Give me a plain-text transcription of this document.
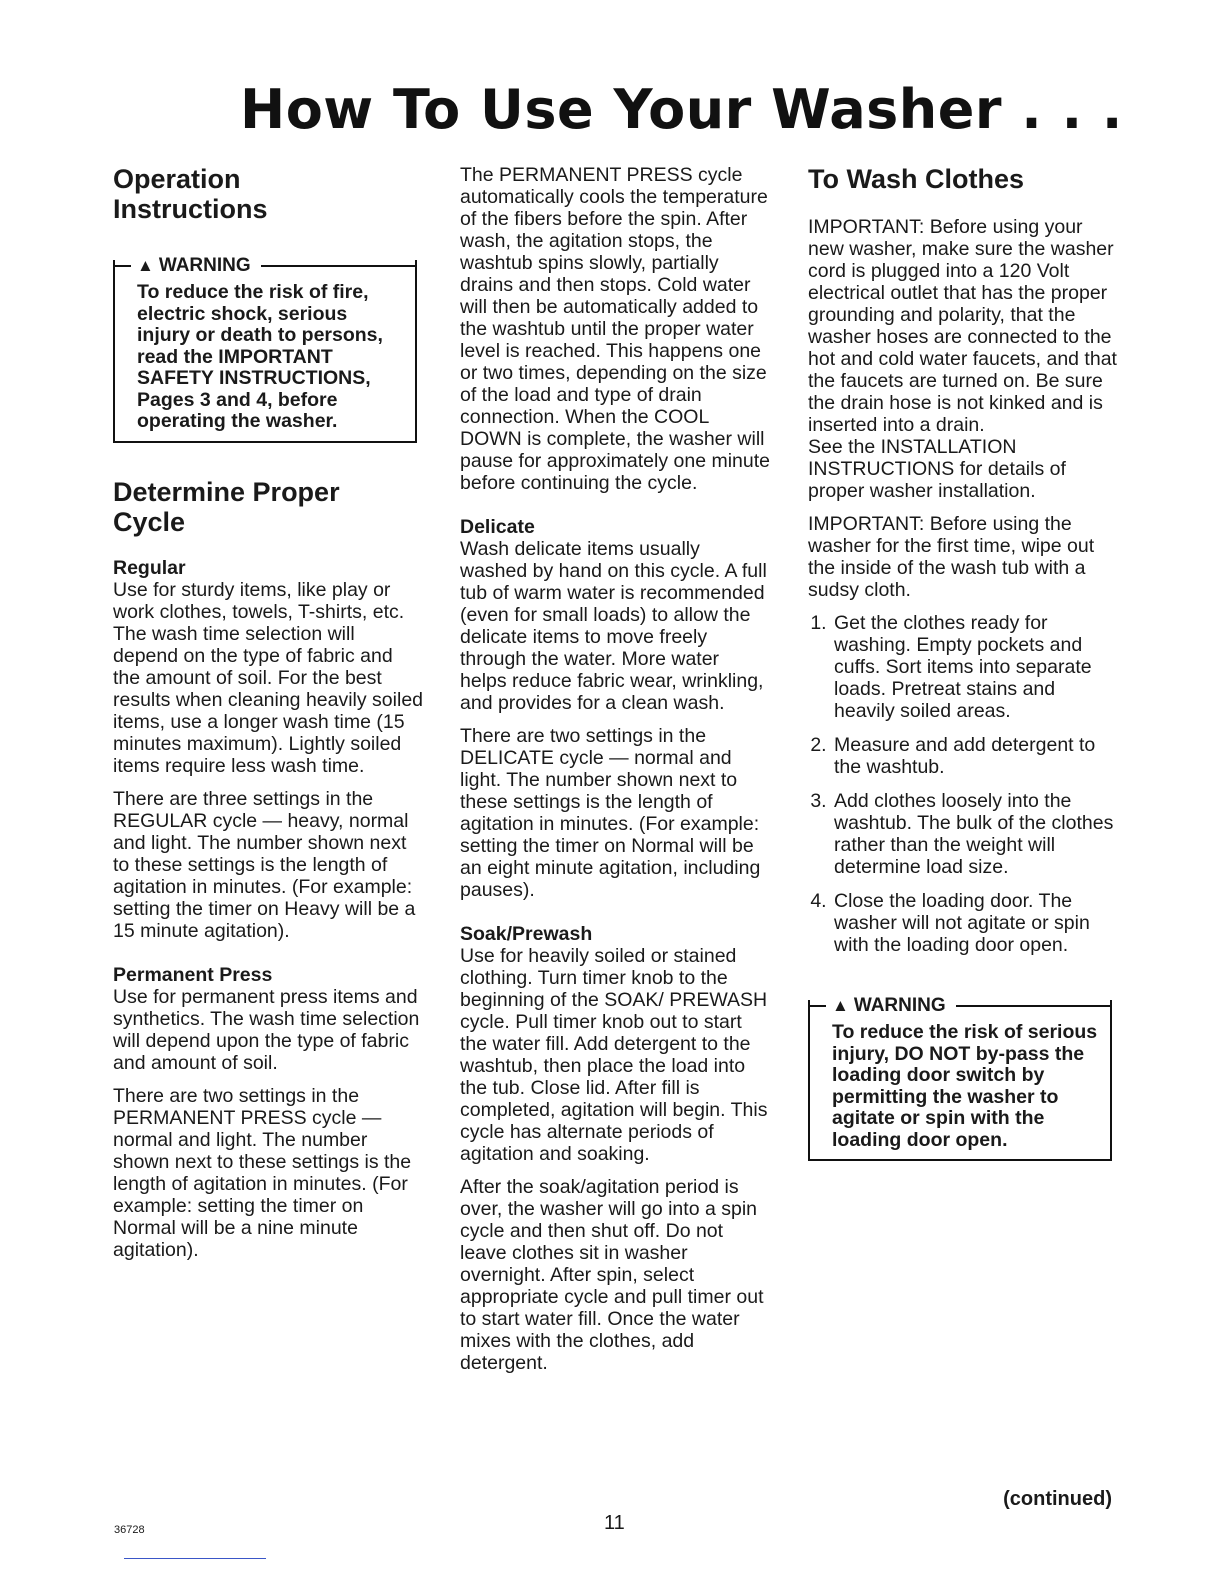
How To Use Your Washer . . .
Operation Instructions
▲ WARNING
To reduce the risk of fire, electric shock, serious injury or death to persons, read the IMPORTANT SAFETY INSTRUCTIONS, Pages 3 and 4, before operating the washer.
Determine Proper Cycle
Regular

Use for sturdy items, like play or work clothes, towels, T-shirts, etc. The wash time selection will depend on the type of fabric and the amount of soil. For the best results when cleaning heavily soiled items, use a longer wash time (15 minutes maximum). Lightly soiled items require less wash time.

There are three settings in the REGULAR cycle — heavy, normal and light. The number shown next to these settings is the length of agitation in minutes. (For example: setting the timer on Heavy will be a 15 minute agitation).

Permanent Press

Use for permanent press items and synthetics. The wash time selection will depend upon the type of fabric and amount of soil.

There are two settings in the PERMANENT PRESS cycle — normal and light. The number shown next to these settings is the length of agitation in minutes. (For example: setting the timer on Normal will be a nine minute agitation).

The PERMANENT PRESS cycle automatically cools the temperature of the fibers before the spin. After wash, the agitation stops, the washtub spins slowly, partially drains and then stops. Cold water will then be automatically added to the washtub until the proper water level is reached. This happens one or two times, depending on the size of the load and type of drain connection. When the COOL DOWN is complete, the washer will pause for approximately one minute before continuing the cycle.

Delicate

Wash delicate items usually washed by hand on this cycle. A full tub of warm water is recommended (even for small loads) to allow the delicate items to move freely through the water. More water helps reduce fabric wear, wrinkling, and provides for a clean wash.

There are two settings in the DELICATE cycle — normal and light. The number shown next to these settings is the length of agitation in minutes. (For example: setting the timer on Normal will be an eight minute agitation, including pauses).

Soak/Prewash

Use for heavily soiled or stained clothing. Turn timer knob to the beginning of the SOAK/ PREWASH cycle. Pull timer knob out to start the water fill. Add detergent to the washtub, then place the load into the tub. Close lid. After fill is completed, agitation will begin. This cycle has alternate periods of agitation and soaking.

After the soak/agitation period is over, the washer will go into a spin cycle and then shut off. Do not leave clothes sit in washer overnight. After spin, select appropriate cycle and pull timer out to start water fill. Once the water mixes with the clothes, add detergent.

To Wash Clothes

IMPORTANT: Before using your new washer, make sure the washer cord is plugged into a 120 Volt electrical outlet that has the proper grounding and polarity, that the washer hoses are connected to the hot and cold water faucets, and that the faucets are turned on. Be sure the drain hose is not kinked and is inserted into a drain.

See the INSTALLATION INSTRUCTIONS for details of proper washer installation.

IMPORTANT: Before using the washer for the first time, wipe out the inside of the wash tub with a sudsy cloth.

1. Get the clothes ready for washing. Empty pockets and cuffs. Sort items into separate loads. Pretreat stains and heavily soiled areas.
2. Measure and add detergent to the washtub.
3. Add clothes loosely into the washtub. The bulk of the clothes rather than the weight will determine load size.
4. Close the loading door. The washer will not agitate or spin with the loading door open.
▲ WARNING
To reduce the risk of serious injury, DO NOT by-pass the loading door switch by permitting the washer to agitate or spin with the loading door open.
(continued)
11
36728
